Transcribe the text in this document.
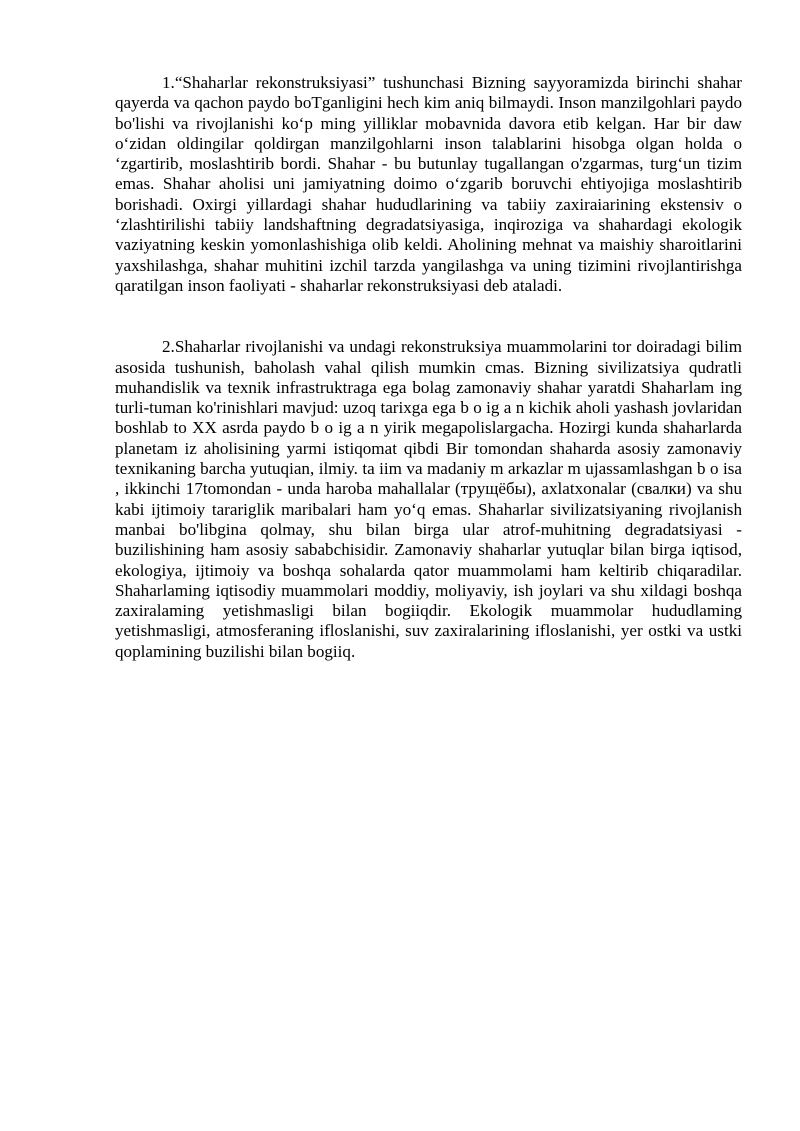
1.“Shaharlar rekonstruksiyasi” tushunchasi Bizning sayyoramizda birinchi shahar qayerda va qachon paydo boTganligini hech kim aniq bilmaydi. Inson manzilgohlari paydo bo'lishi va rivojlanishi ko‘p ming yilliklar mobavnida davora etib kelgan. Har bir daw o‘zidan oldingilar qoldirgan manzilgohlarni inson talablarini hisobga olgan holda o ‘zgartirib, moslashtirib bordi. Shahar - bu butunlay tugallangan o'zgarmas, turg‘un tizim emas. Shahar aholisi uni jamiyatning doimo o‘zgarib boruvchi ehtiyojiga moslashtirib borishadi. Oxirgi yillardagi shahar hududlarining va tabiiy zaxiraiarining ekstensiv o ‘zlashtirilishi tabiiy landshaftning degradatsiyasiga, inqiroziga va shahardagi ekologik vaziyatning keskin yomonlashishiga olib keldi. Aholining mehnat va maishiy sharoitlarini yaxshilashga, shahar muhitini izchil tarzda yangilashga va uning tizimini rivojlantirishga qaratilgan inson faoliyati - shaharlar rekonstruksiyasi deb ataladi.

2.Shaharlar rivojlanishi va undagi rekonstruksiya muammolarini tor doiradagi bilim asosida tushunish, baholash vahal qilish mumkin cmas. Bizning sivilizatsiya qudratli muhandislik va texnik infrastruktraga ega bolag zamonaviy shahar yaratdi Shaharlam ing turli-tuman ko'rinishlari mavjud: uzoq tarixga ega b o ig a n kichik aholi yashash jovlaridan boshlab to XX asrda paydo b o ig a n yirik megapolislargacha. Hozirgi kunda shaharlarda planetam iz aholisining yarmi istiqomat qibdi Bir tomondan shaharda asosiy zamonaviy texnikaning barcha yutuqian, ilmiy. ta iim va madaniy m arkazlar m ujassamlashgan b o isa , ikkinchi 17tomondan - unda haroba mahallalar (трущёбы), axlatxonalar (свалки) va shu kabi ijtimoiy tarariglik maribalari ham yo‘q emas. Shaharlar sivilizatsiyaning rivojlanish manbai bo'libgina qolmay, shu bilan birga ular atrof-muhitning degradatsiyasi - buzilishining ham asosiy sababchisidir. Zamonaviy shaharlar yutuqlar bilan birga iqtisod, ekologiya, ijtimoiy va boshqa sohalarda qator muammolami ham keltirib chiqaradilar. Shaharlaming iqtisodiy muammolari moddiy, moliyaviy, ish joylari va shu xildagi boshqa zaxiralaming yetishmasligi bilan bogiiqdir. Ekologik muammolar hududlaming yetishmasligi, atmosferaning ifloslanishi, suv zaxiralarining ifloslanishi, yer ostki va ustki qoplamining buzilishi bilan bogiiq.
